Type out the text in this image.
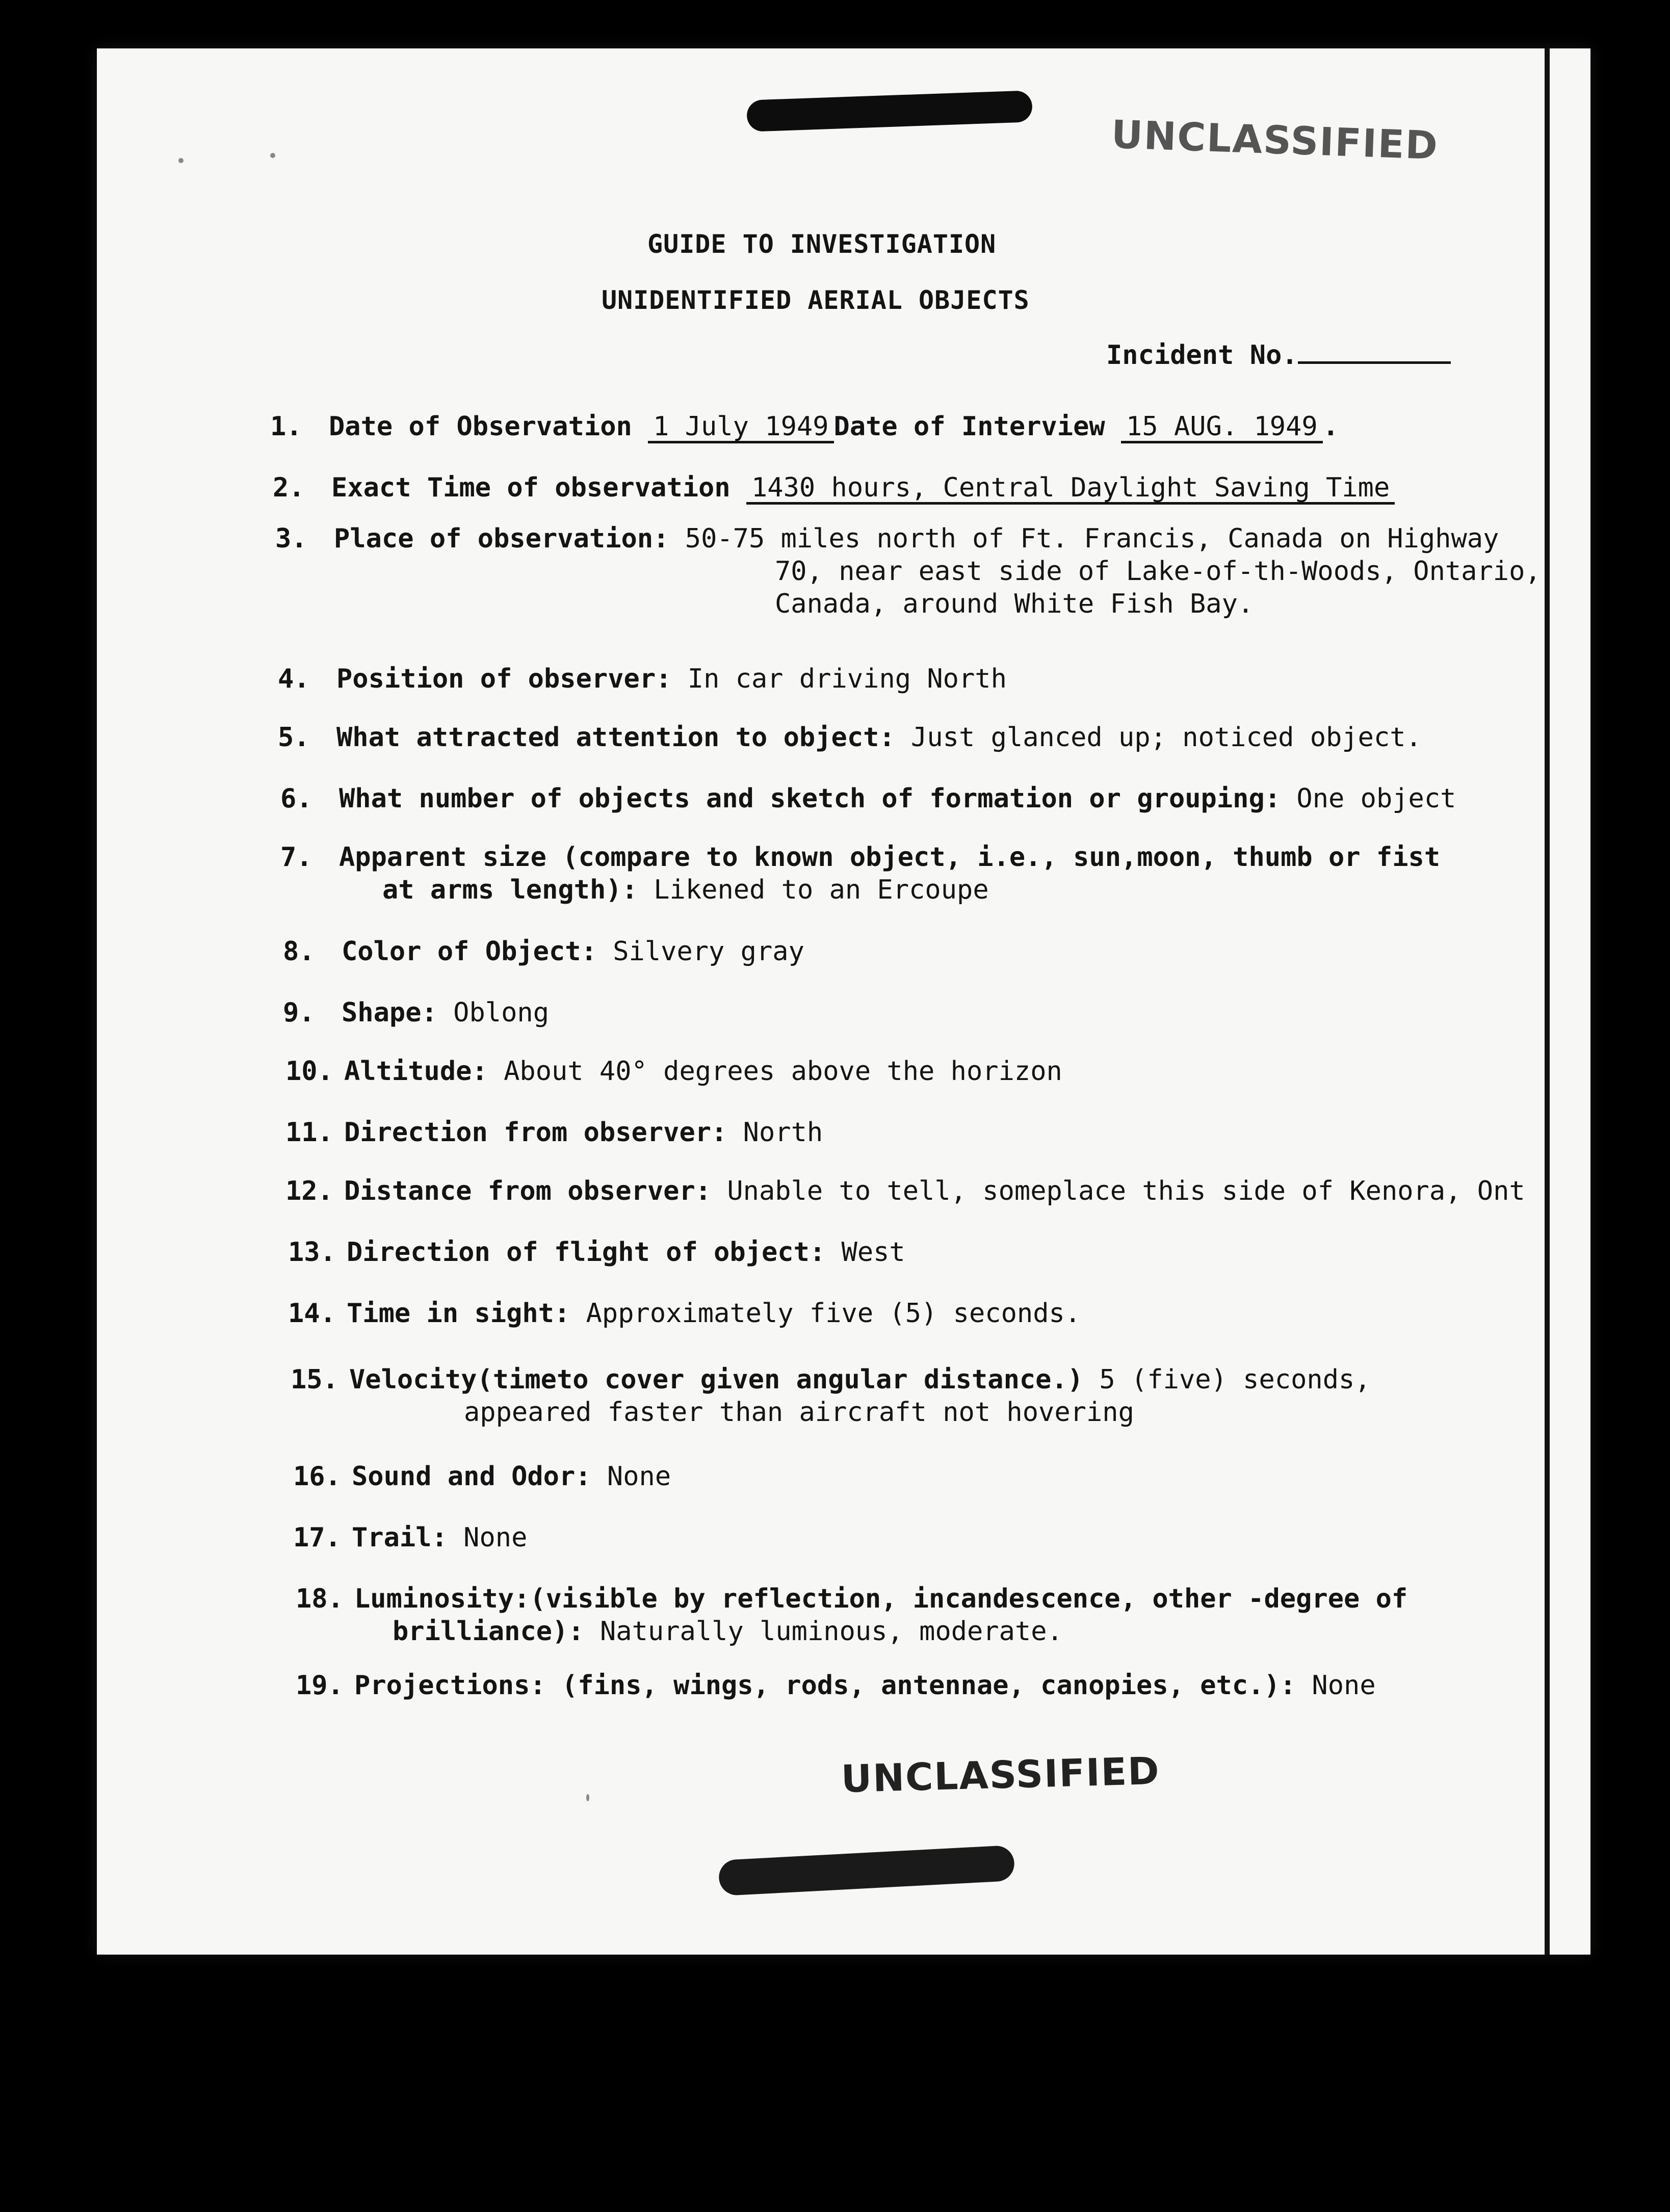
UNCLASSIFIED
GUIDE TO INVESTIGATION
UNIDENTIFIED AERIAL OBJECTS
Incident No.
1. Date of Observation 1 July 1949 Date of Interview 15 AUG. 1949 .
2. Exact Time of observation 1430 hours, Central Daylight Saving Time
3. Place of observation: 50-75 miles north of Ft. Francis, Canada on Highway
70, near east side of Lake-of-th-Woods, Ontario,
Canada, around White Fish Bay.
4. Position of observer: In car driving North
5. What attracted attention to object: Just glanced up; noticed object.
6. What number of objects and sketch of formation or grouping: One object
7. Apparent size (compare to known object, i.e., sun,moon, thumb or fist
at arms length): Likened to an Ercoupe
8. Color of Object: Silvery gray
9. Shape: Oblong
10. Altitude: About 40° degrees above the horizon
11. Direction from observer: North
12. Distance from observer: Unable to tell, someplace this side of Kenora, Ont
13. Direction of flight of object: West
14. Time in sight: Approximately five (5) seconds.
15. Velocity(timeto cover given angular distance.) 5 (five) seconds,
appeared faster than aircraft not hovering
16. Sound and Odor: None
17. Trail: None
18. Luminosity:(visible by reflection, incandescence, other -degree of
brilliance): Naturally luminous, moderate.
19. Projections: (fins, wings, rods, antennae, canopies, etc.): None
UNCLASSIFIED
